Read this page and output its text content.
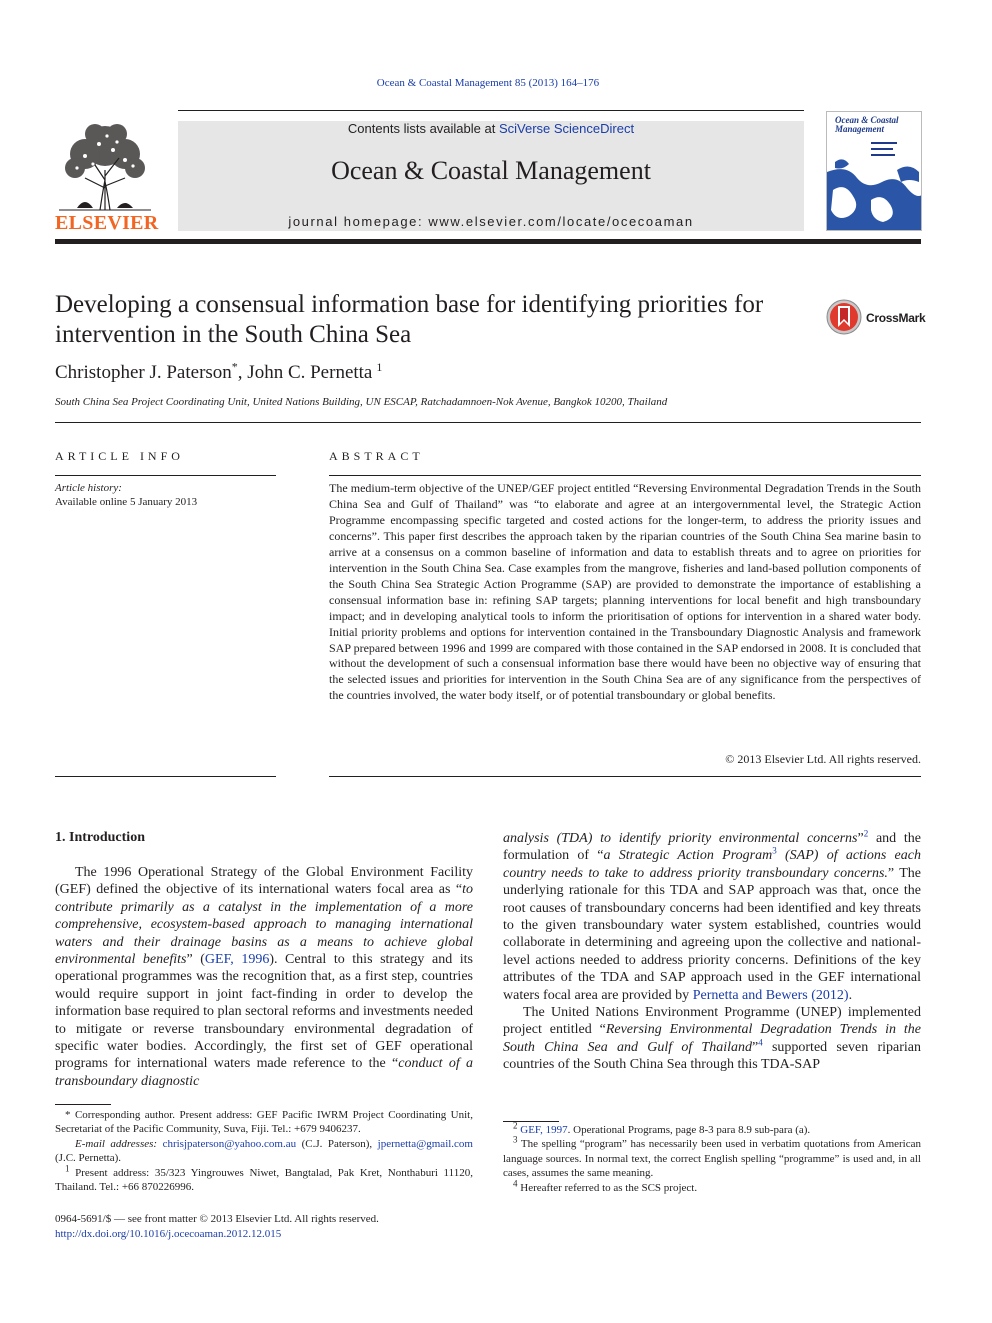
Ocean & Coastal Management 85 (2013) 164–176
ELSEVIER
Contents lists available at SciVerse ScienceDirect
Ocean & Coastal Management
journal homepage: www.elsevier.com/locate/ocecoaman
Ocean & Coastal Management
Developing a consensual information base for identifying priorities for
intervention in the South China Sea
CrossMark
Christopher J. Paterson*, John C. Pernetta $^1$
South China Sea Project Coordinating Unit, United Nations Building, UN ESCAP, Ratchadamnoen-Nok Avenue, Bangkok 10200, Thailand
ARTICLE INFO
Article history:
Available online 5 January 2013
ABSTRACT
The medium-term objective of the UNEP/GEF project entitled “Reversing Environmental Degradation Trends in the South China Sea and Gulf of Thailand” was “to elaborate and agree at an intergovernmental level, the Strategic Action Programme encompassing specific targeted and costed actions for the longer-term, to address the priority issues and concerns”. This paper first describes the approach taken by the riparian countries of the South China Sea marine basin to arrive at a consensus on a common baseline of information and data to establish threats and to agree on priorities for intervention in the South China Sea. Case examples from the mangrove, fisheries and land-based pollution components of the South China Sea Strategic Action Programme (SAP) are provided to demonstrate the importance of establishing a consensual information base in: refining SAP targets; planning interventions for local benefit and high transboundary impact; and in developing analytical tools to inform the prioritisation of options for intervention in a shared water body. Initial priority problems and options for intervention contained in the Transboundary Diagnostic Analysis and framework SAP prepared between 1996 and 1999 are compared with those contained in the SAP endorsed in 2008. It is concluded that without the development of such a consensual information base there would have been no objective way of ensuring that the selected issues and priorities for intervention in the South China Sea are of any significance from the perspectives of the countries involved, the water body itself, or of potential transboundary or global benefits.
© 2013 Elsevier Ltd. All rights reserved.
1. Introduction

The 1996 Operational Strategy of the Global Environment Facility (GEF) defined the objective of its international waters focal area as “to contribute primarily as a catalyst in the implementation of a more comprehensive, ecosystem-based approach to managing international waters and their drainage basins as a means to achieve global environmental benefits” (GEF, 1996). Central to this strategy and its operational programmes was the recognition that, as a first step, countries would require support in joint fact-finding in order to develop the information base required to plan sectoral reforms and investments needed to mitigate or reverse transboundary environmental degradation of specific water bodies. Accordingly, the first set of GEF operational programs for international waters made reference to the “conduct of a transboundary diagnostic

analysis (TDA) to identify priority environmental concerns”$^2$ and the formulation of “a Strategic Action Program$^3$ (SAP) of actions each country needs to take to address priority transboundary concerns.” The underlying rationale for this TDA and SAP approach was that, once the root causes of transboundary concerns had been identified and key threats to the given transboundary water system established, countries would collaborate in determining and agreeing upon the collective and national-level actions needed to address priority concerns. Definitions of the key attributes of the TDA and SAP approach used in the GEF international waters focal area are provided by Pernetta and Bewers (2012).

The United Nations Environment Programme (UNEP) implemented project entitled “Reversing Environmental Degradation Trends in the South China Sea and Gulf of Thailand”$^4$ supported seven riparian countries of the South China Sea through this TDA-SAP

* Corresponding author. Present address: GEF Pacific IWRM Project Coordinating Unit, Secretariat of the Pacific Community, Suva, Fiji. Tel.: +679 9406237.
E-mail addresses: chrisjpaterson@yahoo.com.au (C.J. Paterson), jpernetta@gmail.com (J.C. Pernetta).
$^1$ Present address: 35/323 Yingrouwes Niwet, Bangtalad, Pak Kret, Nonthaburi 11120, Thailand. Tel.: +66 870226996.
$^2$ GEF, 1997. Operational Programs, page 8-3 para 8.9 sub-para (a).
$^3$ The spelling “program” has necessarily been used in verbatim quotations from American language sources. In normal text, the correct English spelling “programme” is used and, in all cases, assumes the same meaning.
$^4$ Hereafter referred to as the SCS project.
0964-5691/$ — see front matter © 2013 Elsevier Ltd. All rights reserved.
http://dx.doi.org/10.1016/j.ocecoaman.2012.12.015
